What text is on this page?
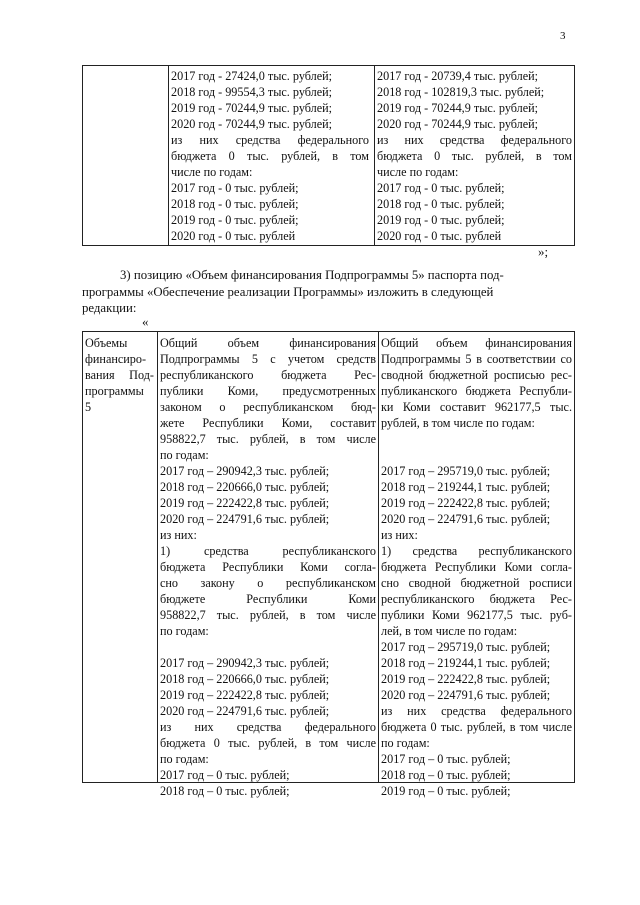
3
2017 год - 27424,0 тыс. рублей;
2018 год - 99554,3 тыс. рублей;
2019 год - 70244,9 тыс. рублей;
2020 год - 70244,9 тыс. рублей;
из них средства федерального
бюджета 0 тыс. рублей, в том
числе по годам:
2017 год - 0 тыс. рублей;
2018 год - 0 тыс. рублей;
2019 год - 0 тыс. рублей;
2020 год - 0 тыс. рублей
2017 год - 20739,4 тыс. рублей;
2018 год - 102819,3 тыс. рублей;
2019 год - 70244,9 тыс. рублей;
2020 год - 70244,9 тыс. рублей;
из них средства федерального
бюджета 0 тыс. рублей, в том
числе по годам:
2017 год - 0 тыс. рублей;
2018 год - 0 тыс. рублей;
2019 год - 0 тыс. рублей;
2020 год - 0 тыс. рублей
»;
3) позицию «Объем финансирования Подпрограммы 5» паспорта под-
программы «Обеспечение реализации Программы» изложить в следующей
редакции:
«
Объемы
финансиро-
вания Под-
программы
5
Общий объем финансирования
Подпрограммы 5 с учетом средств
республиканского бюджета Рес-
публики Коми, предусмотренных
законом о республиканском бюд-
жете Республики Коми, составит
958822,7 тыс. рублей, в том числе
по годам:
2017 год – 290942,3 тыс. рублей;
2018 год – 220666,0 тыс. рублей;
2019 год – 222422,8 тыс. рублей;
2020 год – 224791,6 тыс. рублей;
из них:
1) средства республиканского
бюджета Республики Коми согла-
сно закону о республиканском
бюджете Республики Коми
958822,7 тыс. рублей, в том числе
по годам:
2017 год – 290942,3 тыс. рублей;
2018 год – 220666,0 тыс. рублей;
2019 год – 222422,8 тыс. рублей;
2020 год – 224791,6 тыс. рублей;
из них средства федерального
бюджета 0 тыс. рублей, в том числе
по годам:
2017 год – 0 тыс. рублей;
2018 год – 0 тыс. рублей;
Общий объем финансирования
Подпрограммы 5 в соответствии со
сводной бюджетной росписью рес-
публиканского бюджета Республи-
ки Коми составит 962177,5 тыс.
рублей, в том числе по годам:
2017 год – 295719,0 тыс. рублей;
2018 год – 219244,1 тыс. рублей;
2019 год – 222422,8 тыс. рублей;
2020 год – 224791,6 тыс. рублей;
из них:
1) средства республиканского
бюджета Республики Коми согла-
сно сводной бюджетной росписи
республиканского бюджета Рес-
публики Коми 962177,5 тыс. руб-
лей, в том числе по годам:
2017 год – 295719,0 тыс. рублей;
2018 год – 219244,1 тыс. рублей;
2019 год – 222422,8 тыс. рублей;
2020 год – 224791,6 тыс. рублей;
из них средства федерального
бюджета 0 тыс. рублей, в том числе
по годам:
2017 год – 0 тыс. рублей;
2018 год – 0 тыс. рублей;
2019 год – 0 тыс. рублей;
